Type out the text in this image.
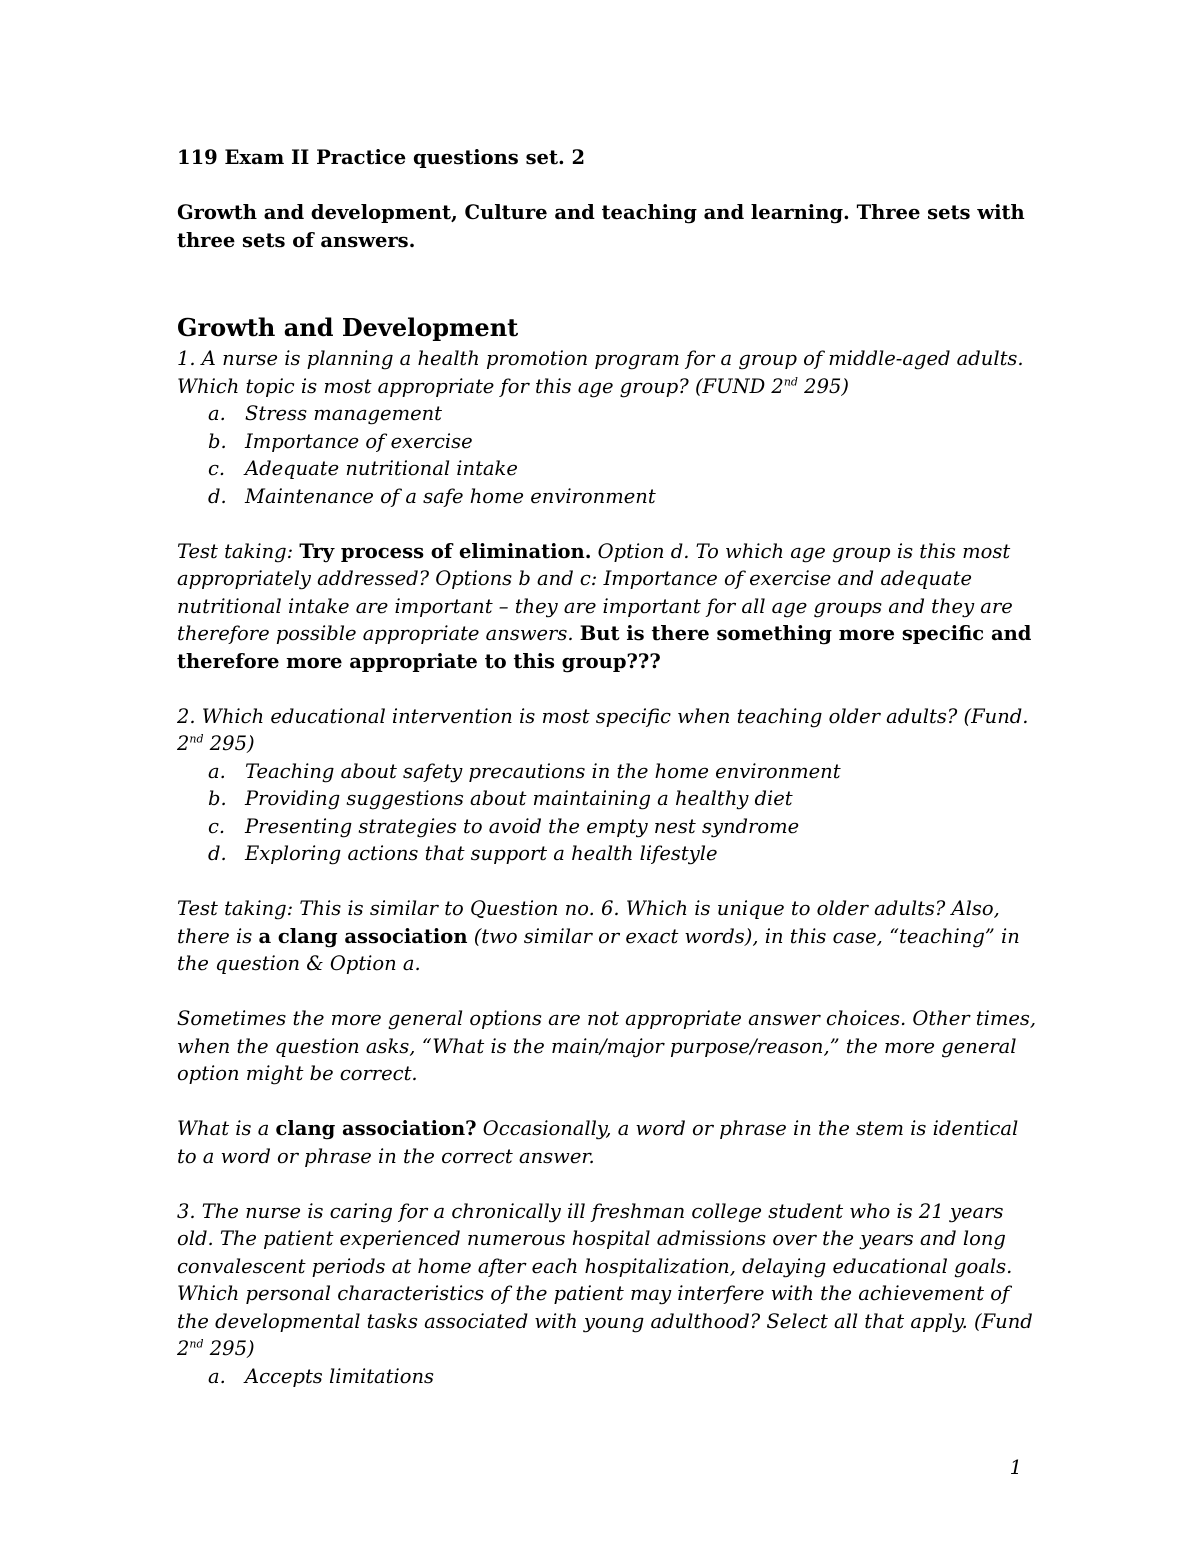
119 Exam II Practice questions set. 2

Growth and development, Culture and teaching and learning. Three sets with three sets of answers.

Growth and Development

1. A nurse is planning a health promotion program for a group of middle-aged adults. Which topic is most appropriate for this age group? (FUND 2nd 295)

a. Stress management
b. Importance of exercise
c.	Adequate nutritional intake
d. Maintenance of a safe home environment

Test taking: Try process of elimination. Option d. To which age group is this most appropriately addressed? Options b and c: Importance of exercise and adequate nutritional intake are important – they are important for all age groups and they are therefore possible appropriate answers. But is there something more specific and therefore more appropriate to this group???

2. Which educational intervention is most specific when teaching older adults? (Fund. 2nd 295)

a. Teaching about safety precautions in the home environment
b. Providing suggestions about maintaining a healthy diet
c.	Presenting strategies to avoid the empty nest syndrome
d. Exploring actions that support a health lifestyle

Test taking: This is similar to Question no. 6. Which is unique to older adults? Also, there is a clang association (two similar or exact words), in this case, “teaching” in the question & Option a.

Sometimes the more general options are not appropriate answer choices. Other times, when the question asks, “What is the main/major purpose/reason,” the more general option might be correct.

What is a clang association? Occasionally, a word or phrase in the stem is identical to a word or phrase in the correct answer.

3. The nurse is caring for a chronically ill freshman college student who is 21 years old. The patient experienced numerous hospital admissions over the years and long convalescent periods at home after each hospitalization, delaying educational goals. Which personal characteristics of the patient may interfere with the achievement of the developmental tasks associated with young adulthood? Select all that apply. (Fund 2nd 295)

a. Accepts limitations
1
